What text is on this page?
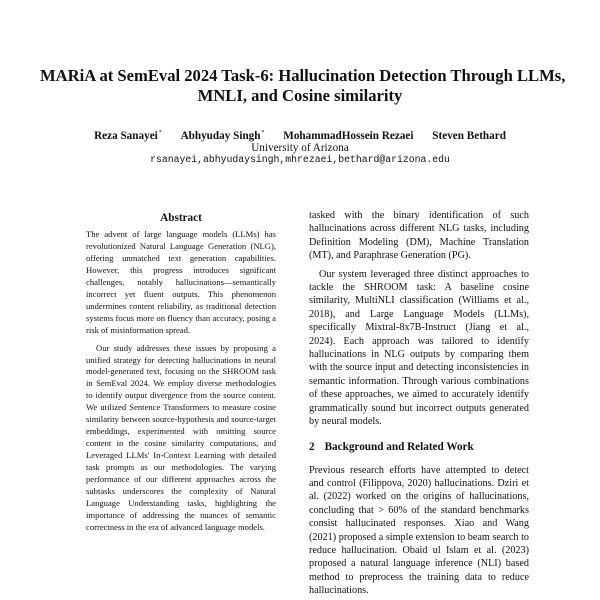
MARiA at SemEval 2024 Task-6: Hallucination Detection Through LLMs,
MNLI, and Cosine similarity
Reza Sanayei* Abhyuday Singh* MohammadHossein Rezaei Steven Bethard
University of Arizona
rsanayei,abhyudaysingh,mhrezaei,bethard@arizona.edu
Abstract

The advent of large language models (LLMs) has revolutionized Natural Language Generation (NLG), offering unmatched text generation capabilities. However, this progress introduces significant challenges, notably hallucinations—semantically incorrect yet fluent outputs. This phenomenon undermines content reliability, as traditional detection systems focus more on fluency than accuracy, posing a risk of misinformation spread.

Our study addresses these issues by proposing a unified strategy for detecting hallucinations in neural model-generated text, focusing on the SHROOM task in SemEval 2024. We employ diverse methodologies to identify output divergence from the source content. We utilized Sentence Transformers to measure cosine similarity between source-hypothesis and source-target embeddings, experimented with omitting source content in the cosine similarity computations, and Leveraged LLMs' In-Context Learning with detailed task prompts as our methodologies. The varying performance of our different approaches across the subtasks underscores the complexity of Natural Language Understanding tasks, highlighting the importance of addressing the nuances of semantic correctness in the era of advanced language models.

tasked with the binary identification of such hallucinations across different NLG tasks, including Definition Modeling (DM), Machine Translation (MT), and Paraphrase Generation (PG).

Our system leveraged three distinct approaches to tackle the SHROOM task: A baseline cosine similarity, MultiNLI classification (Williams et al., 2018), and Large Language Models (LLMs), specifically Mixtral-8x7B-Instruct (Jiang et al., 2024). Each approach was tailored to identify hallucinations in NLG outputs by comparing them with the source input and detecting inconsistencies in semantic information. Through various combinations of these approaches, we aimed to accurately identify grammatically sound but incorrect outputs generated by neural models.

2 Background and Related Work

Previous research efforts have attempted to detect and control (Filippova, 2020) hallucinations. Dziri et al. (2022) worked on the origins of hallucinations, concluding that > 60% of the standard benchmarks consist hallucinated responses. Xiao and Wang (2021) proposed a simple extension to beam search to reduce hallucination. Obaid ul Islam et al. (2023) proposed a natural language inference (NLI) based method to preprocess the training data to reduce hallucinations.
